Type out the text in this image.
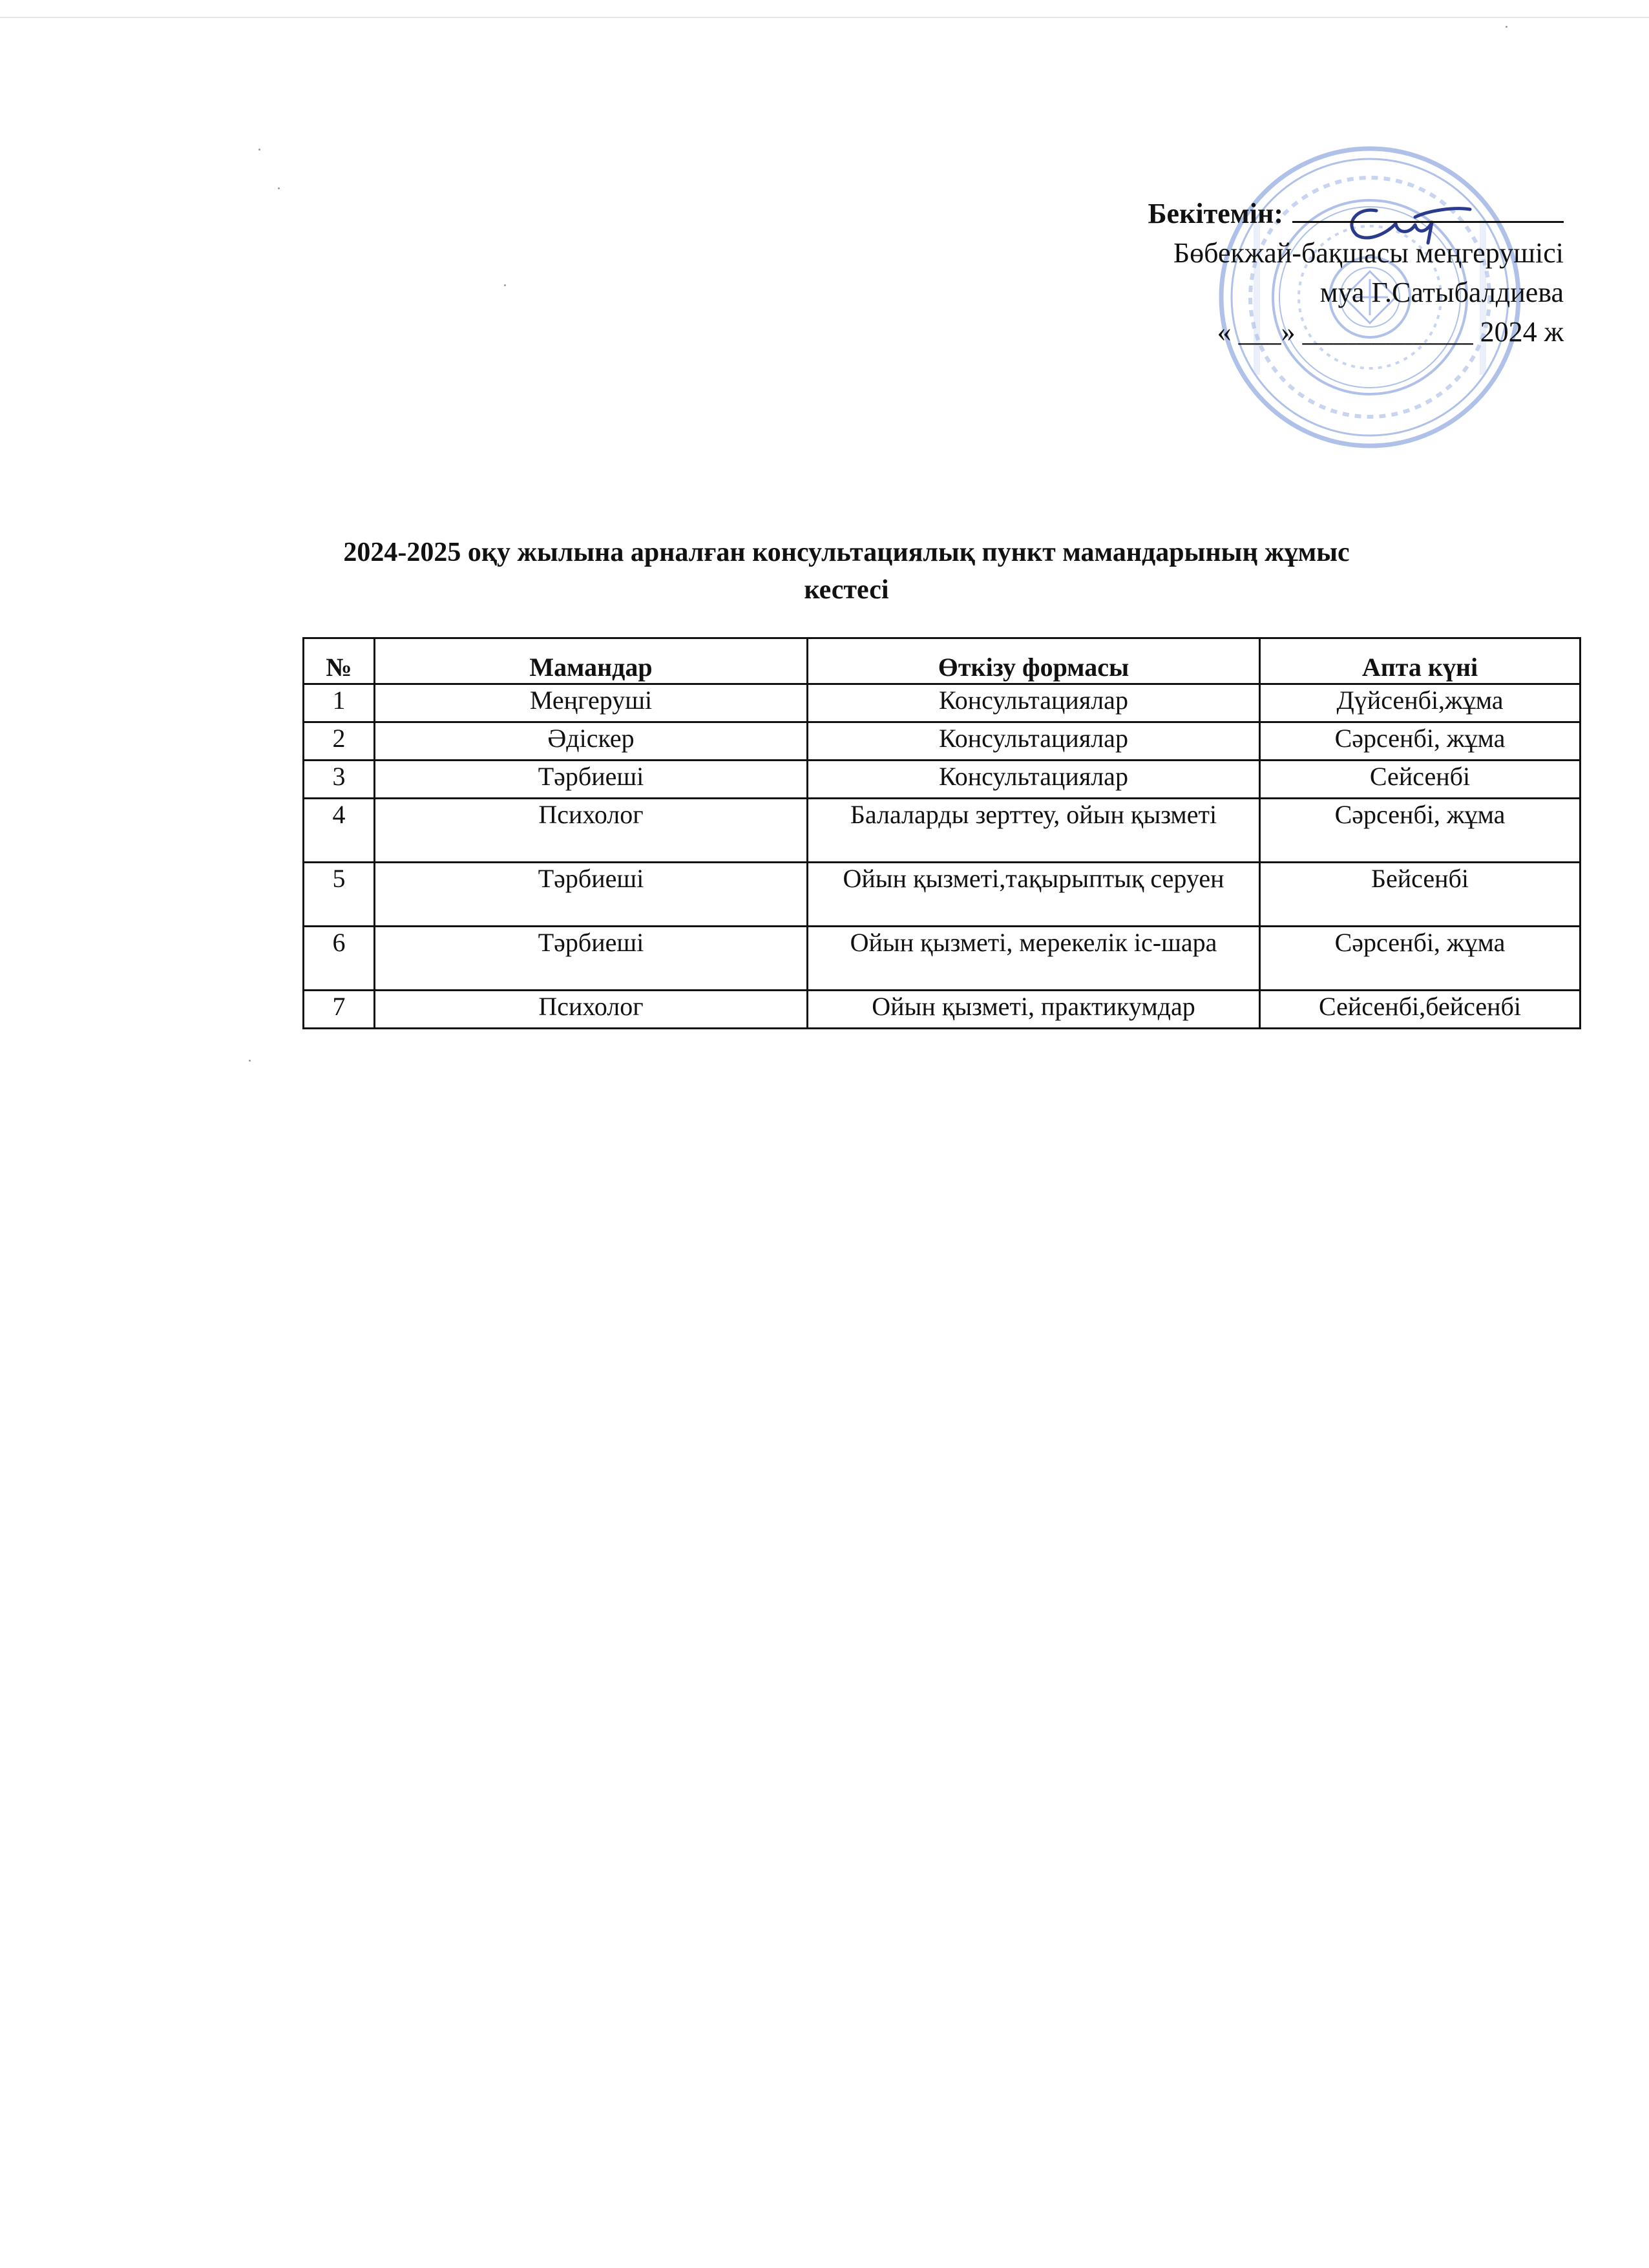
Бекітемін:
Бөбекжай-бақшасы меңгерушісі
муа Г.Сатыбалдиева
« ___» ____________ 2024 ж
2024-2025 оқу жылына арналған консультациялық пункт мамандарының жұмыс
кестесі
№	Мамандар	Өткізу формасы	Апта күні
1	Меңгеруші	Консультациялар	Дүйсенбі,жұма
2	Әдіскер	Консультациялар	Сәрсенбі, жұма
3	Тәрбиеші	Консультациялар	Сейсенбі
4	Психолог	Балаларды зерттеу, ойын қызметі	Сәрсенбі, жұма
5	Тәрбиеші	Ойын қызметі,тақырыптық серуен	Бейсенбі
6	Тәрбиеші	Ойын қызметі, мерекелік іс-шара	Сәрсенбі, жұма
7	Психолог	Ойын қызметі, практикумдар	Сейсенбі,бейсенбі
